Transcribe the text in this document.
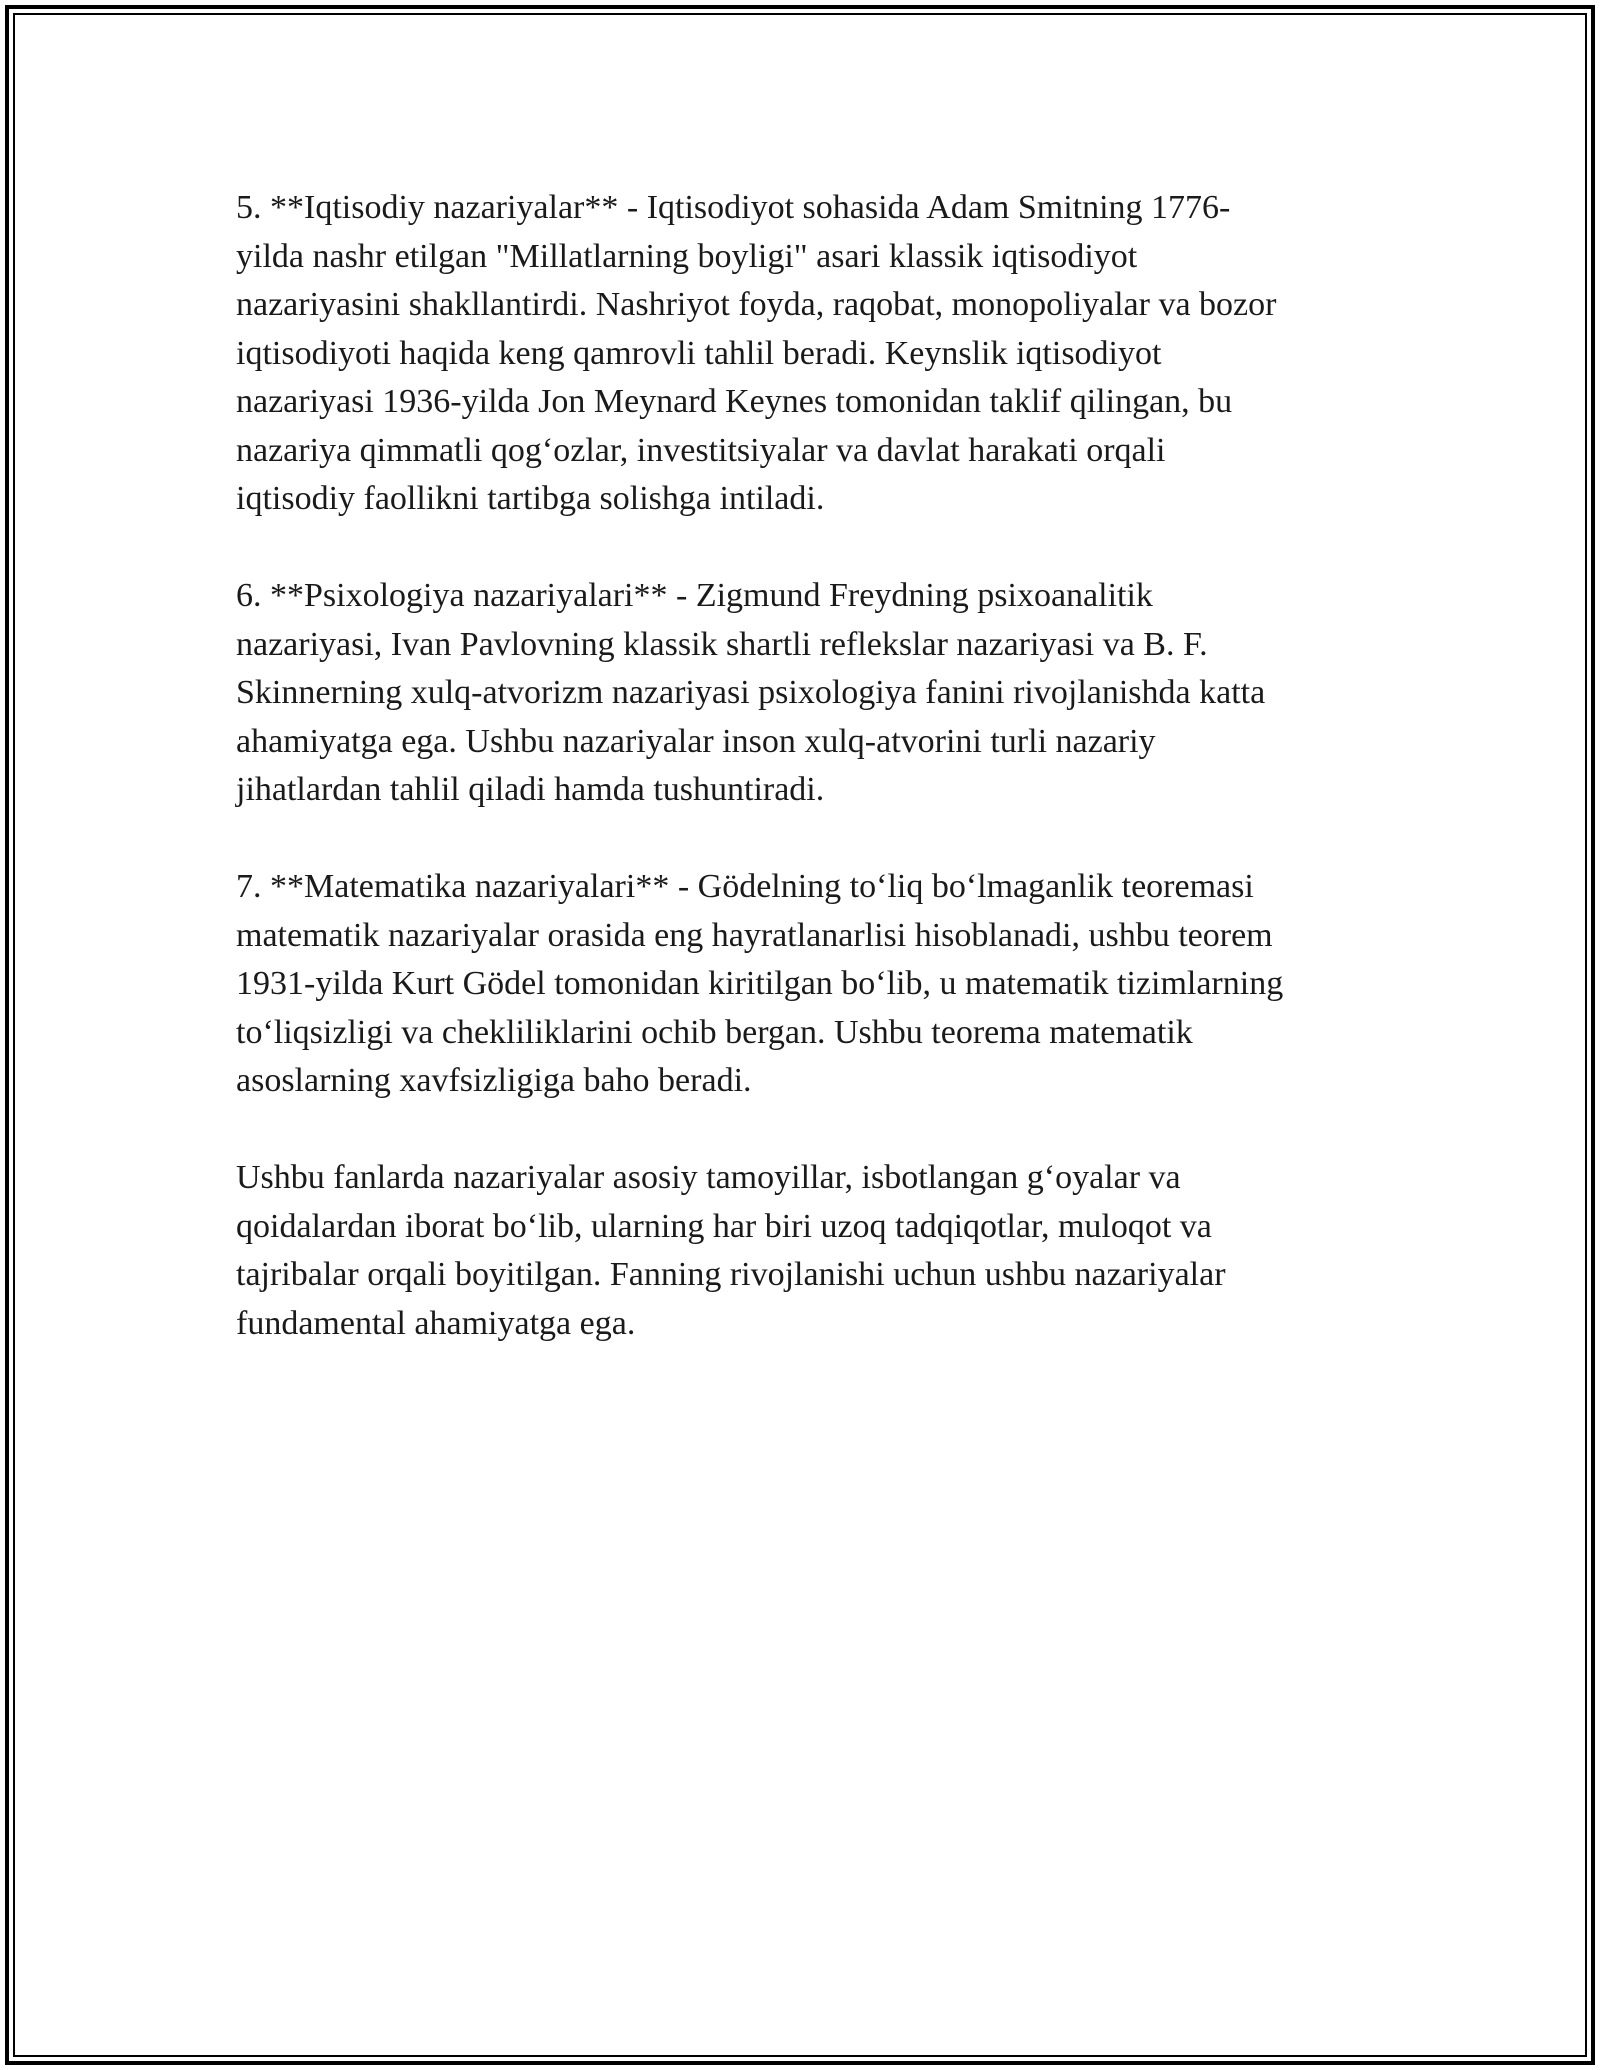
5. **Iqtisodiy nazariyalar** - Iqtisodiyot sohasida Adam Smitning 1776-
yilda nashr etilgan "Millatlarning boyligi" asari klassik iqtisodiyot
nazariyasini shakllantirdi. Nashriyot foyda, raqobat, monopoliyalar va bozor
iqtisodiyoti haqida keng qamrovli tahlil beradi. Keynslik iqtisodiyot
nazariyasi 1936-yilda Jon Meynard Keynes tomonidan taklif qilingan, bu
nazariya qimmatli qog‘ozlar, investitsiyalar va davlat harakati orqali
iqtisodiy faollikni tartibga solishga intiladi.

6. **Psixologiya nazariyalari** - Zigmund Freydning psixoanalitik
nazariyasi, Ivan Pavlovning klassik shartli reflekslar nazariyasi va B. F.
Skinnerning xulq-atvorizm nazariyasi psixologiya fanini rivojlanishda katta
ahamiyatga ega. Ushbu nazariyalar inson xulq-atvorini turli nazariy
jihatlardan tahlil qiladi hamda tushuntiradi.

7. **Matematika nazariyalari** - Gödelning to‘liq bo‘lmaganlik teoremasi
matematik nazariyalar orasida eng hayratlanarlisi hisoblanadi, ushbu teorem
1931-yilda Kurt Gödel tomonidan kiritilgan bo‘lib, u matematik tizimlarning
to‘liqsizligi va chekliliklarini ochib bergan. Ushbu teorema matematik
asoslarning xavfsizligiga baho beradi.

Ushbu fanlarda nazariyalar asosiy tamoyillar, isbotlangan g‘oyalar va
qoidalardan iborat bo‘lib, ularning har biri uzoq tadqiqotlar, muloqot va
tajribalar orqali boyitilgan. Fanning rivojlanishi uchun ushbu nazariyalar
fundamental ahamiyatga ega.
